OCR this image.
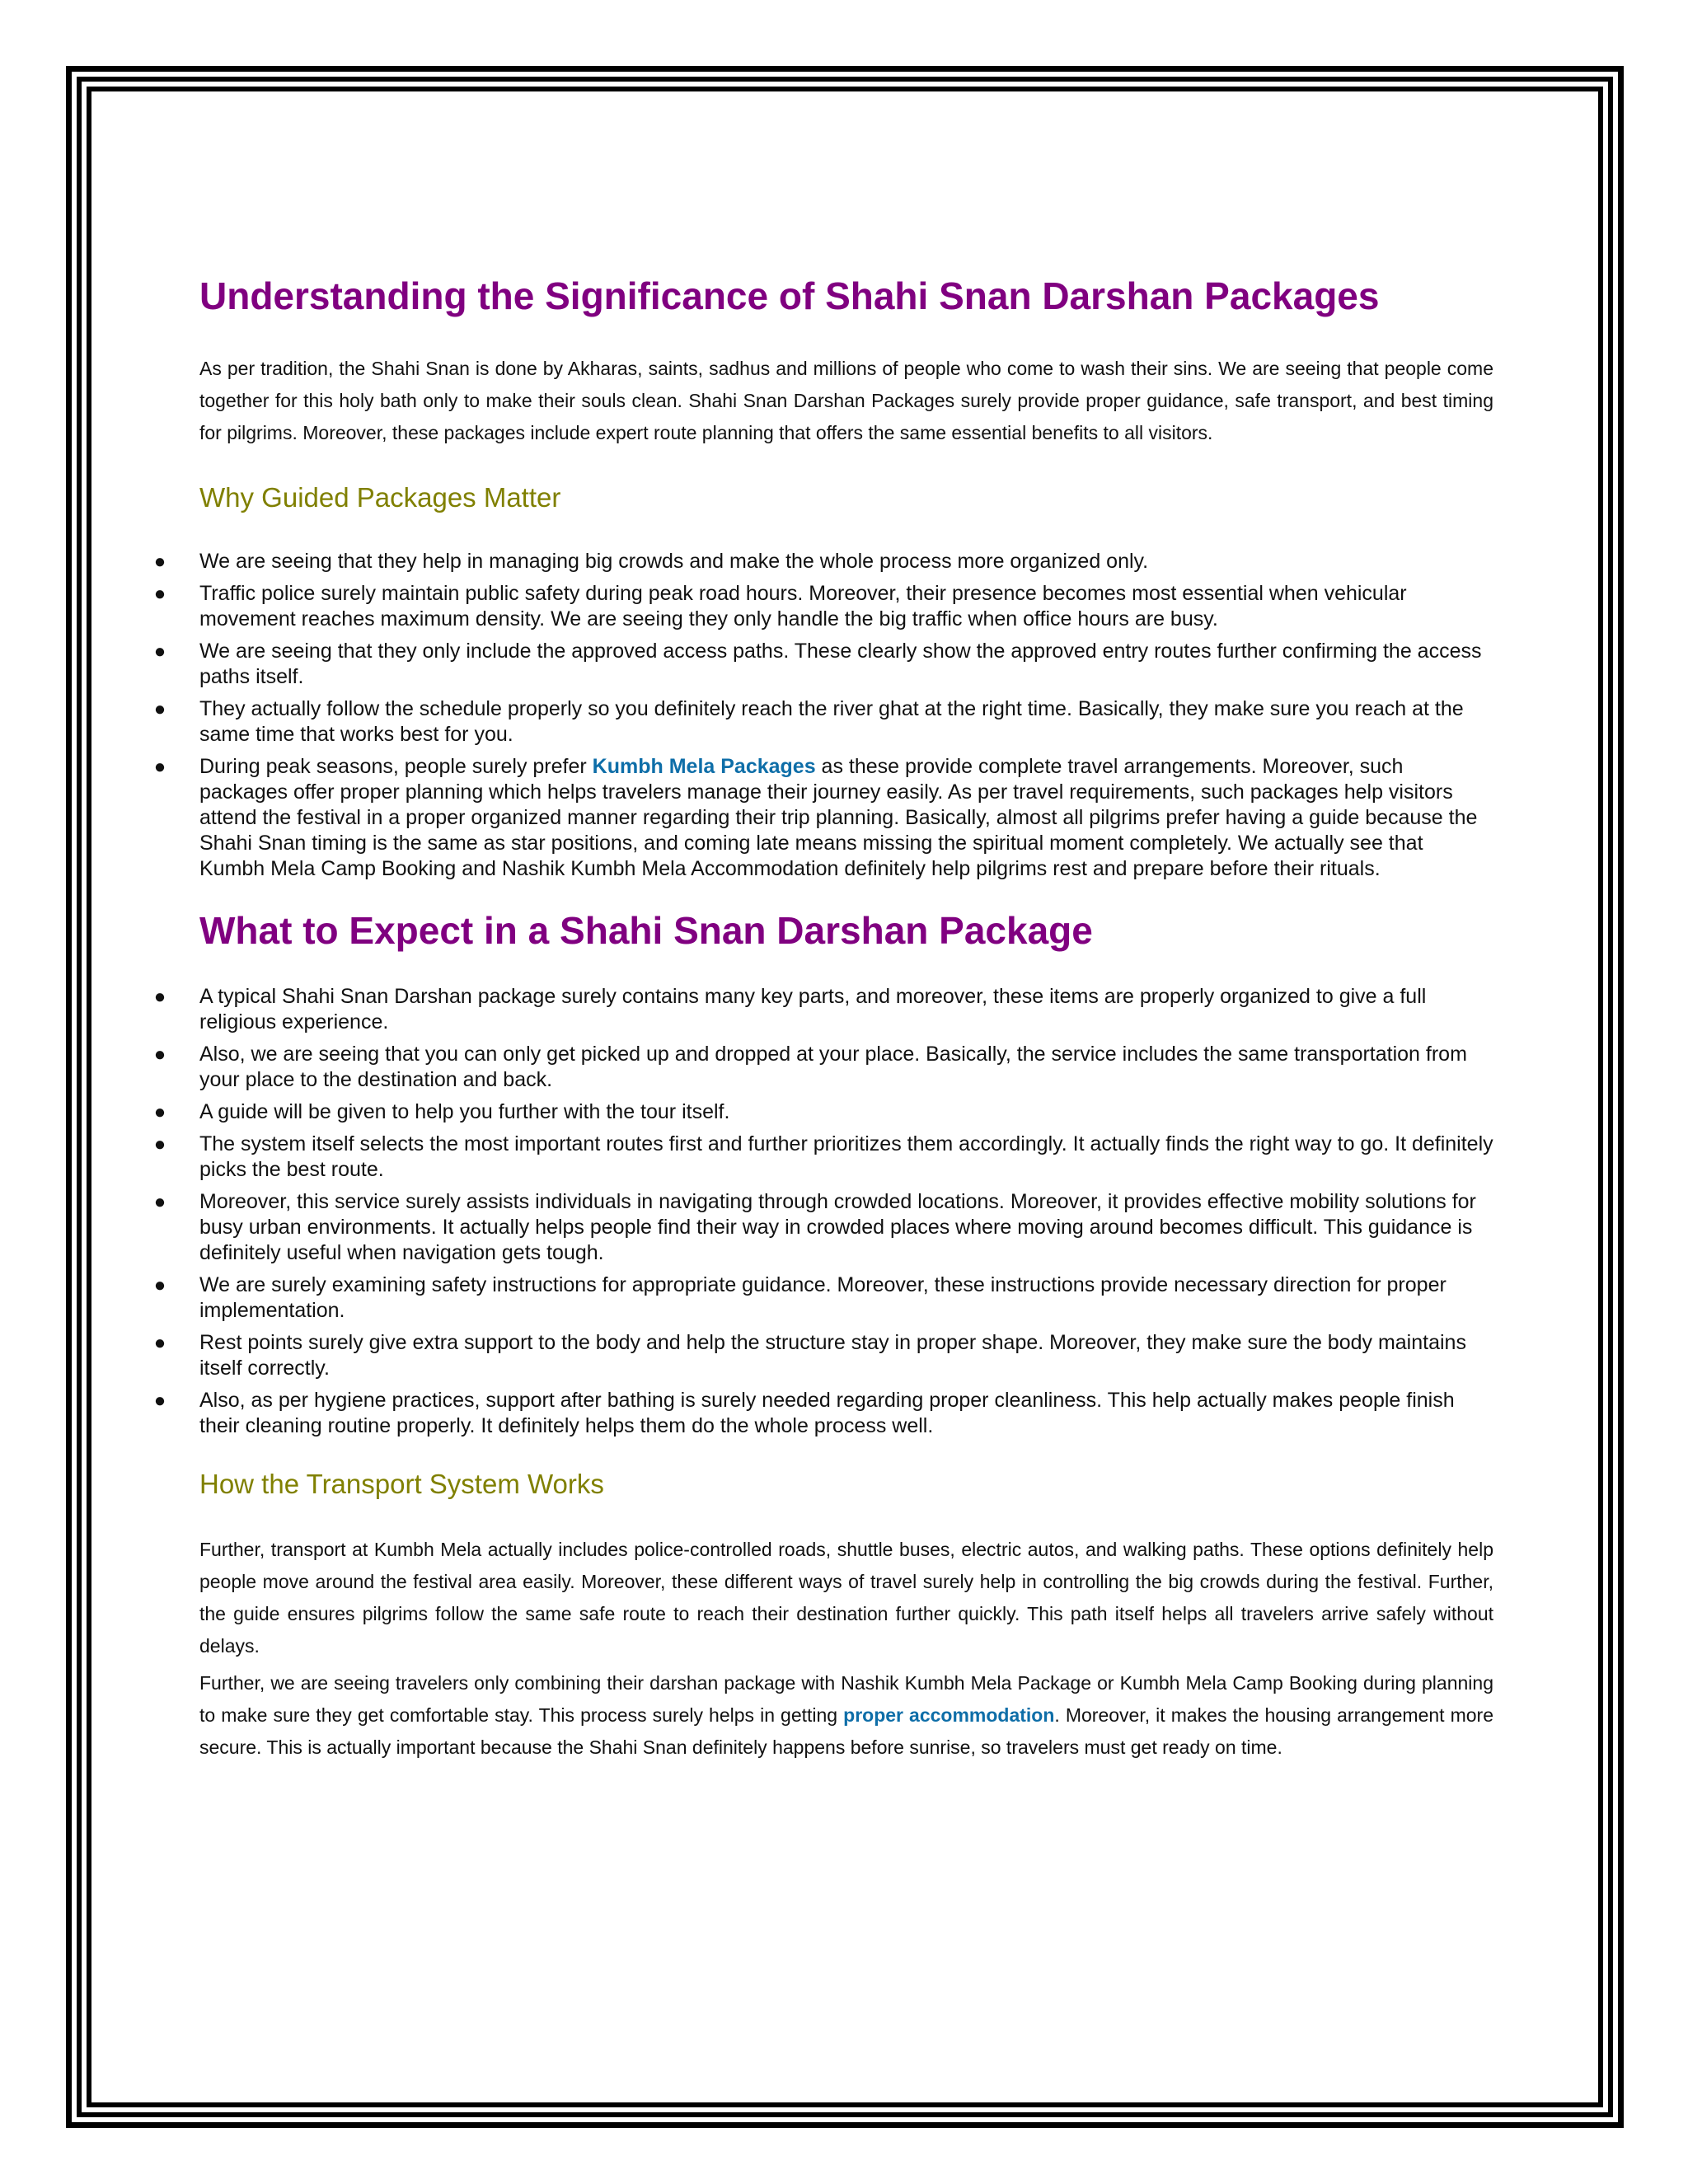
Understanding the Significance of Shahi Snan Darshan Packages

As per tradition, the Shahi Snan is done by Akharas, saints, sadhus and millions of people who come to wash their sins. We are seeing that people come together for this holy bath only to make their souls clean. Shahi Snan Darshan Packages surely provide proper guidance, safe transport, and best timing for pilgrims. Moreover, these packages include expert route planning that offers the same essential benefits to all visitors.

Why Guided Packages Matter
●	We are seeing that they help in managing big crowds and make the whole process more organized only.
●	Traffic police surely maintain public safety during peak road hours. Moreover, their presence becomes most essential when vehicular movement reaches maximum density. We are seeing they only handle the big traffic when office hours are busy.
●	We are seeing that they only include the approved access paths. These clearly show the approved entry routes further confirming the access paths itself.
●	They actually follow the schedule properly so you definitely reach the river ghat at the right time. Basically, they make sure you reach at the same time that works best for you.
●	During peak seasons, people surely prefer Kumbh Mela Packages as these provide complete travel arrangements. Moreover, such packages offer proper planning which helps travelers manage their journey easily. As per travel requirements, such packages help visitors attend the festival in a proper organized manner regarding their trip planning. Basically, almost all pilgrims prefer having a guide because the Shahi Snan timing is the same as star positions, and coming late means missing the spiritual moment completely. We actually see that Kumbh Mela Camp Booking and Nashik Kumbh Mela Accommodation definitely help pilgrims rest and prepare before their rituals.
What to Expect in a Shahi Snan Darshan Package
●	A typical Shahi Snan Darshan package surely contains many key parts, and moreover, these items are properly organized to give a full religious experience.
●	Also, we are seeing that you can only get picked up and dropped at your place. Basically, the service includes the same transportation from your place to the destination and back.
●	A guide will be given to help you further with the tour itself.
●	The system itself selects the most important routes first and further prioritizes them accordingly. It actually finds the right way to go. It definitely picks the best route.
●	Moreover, this service surely assists individuals in navigating through crowded locations. Moreover, it provides effective mobility solutions for busy urban environments. It actually helps people find their way in crowded places where moving around becomes difficult. This guidance is definitely useful when navigation gets tough.
●	We are surely examining safety instructions for appropriate guidance. Moreover, these instructions provide necessary direction for proper implementation.
●	Rest points surely give extra support to the body and help the structure stay in proper shape. Moreover, they make sure the body maintains itself correctly.
●	Also, as per hygiene practices, support after bathing is surely needed regarding proper cleanliness. This help actually makes people finish their cleaning routine properly. It definitely helps them do the whole process well.
How the Transport System Works

Further, transport at Kumbh Mela actually includes police-controlled roads, shuttle buses, electric autos, and walking paths. These options definitely help people move around the festival area easily. Moreover, these different ways of travel surely help in controlling the big crowds during the festival. Further, the guide ensures pilgrims follow the same safe route to reach their destination further quickly. This path itself helps all travelers arrive safely without delays.

Further, we are seeing travelers only combining their darshan package with Nashik Kumbh Mela Package or Kumbh Mela Camp Booking during planning to make sure they get comfortable stay. This process surely helps in getting proper accommodation. Moreover, it makes the housing arrangement more secure. This is actually important because the Shahi Snan definitely happens before sunrise, so travelers must get ready on time.
